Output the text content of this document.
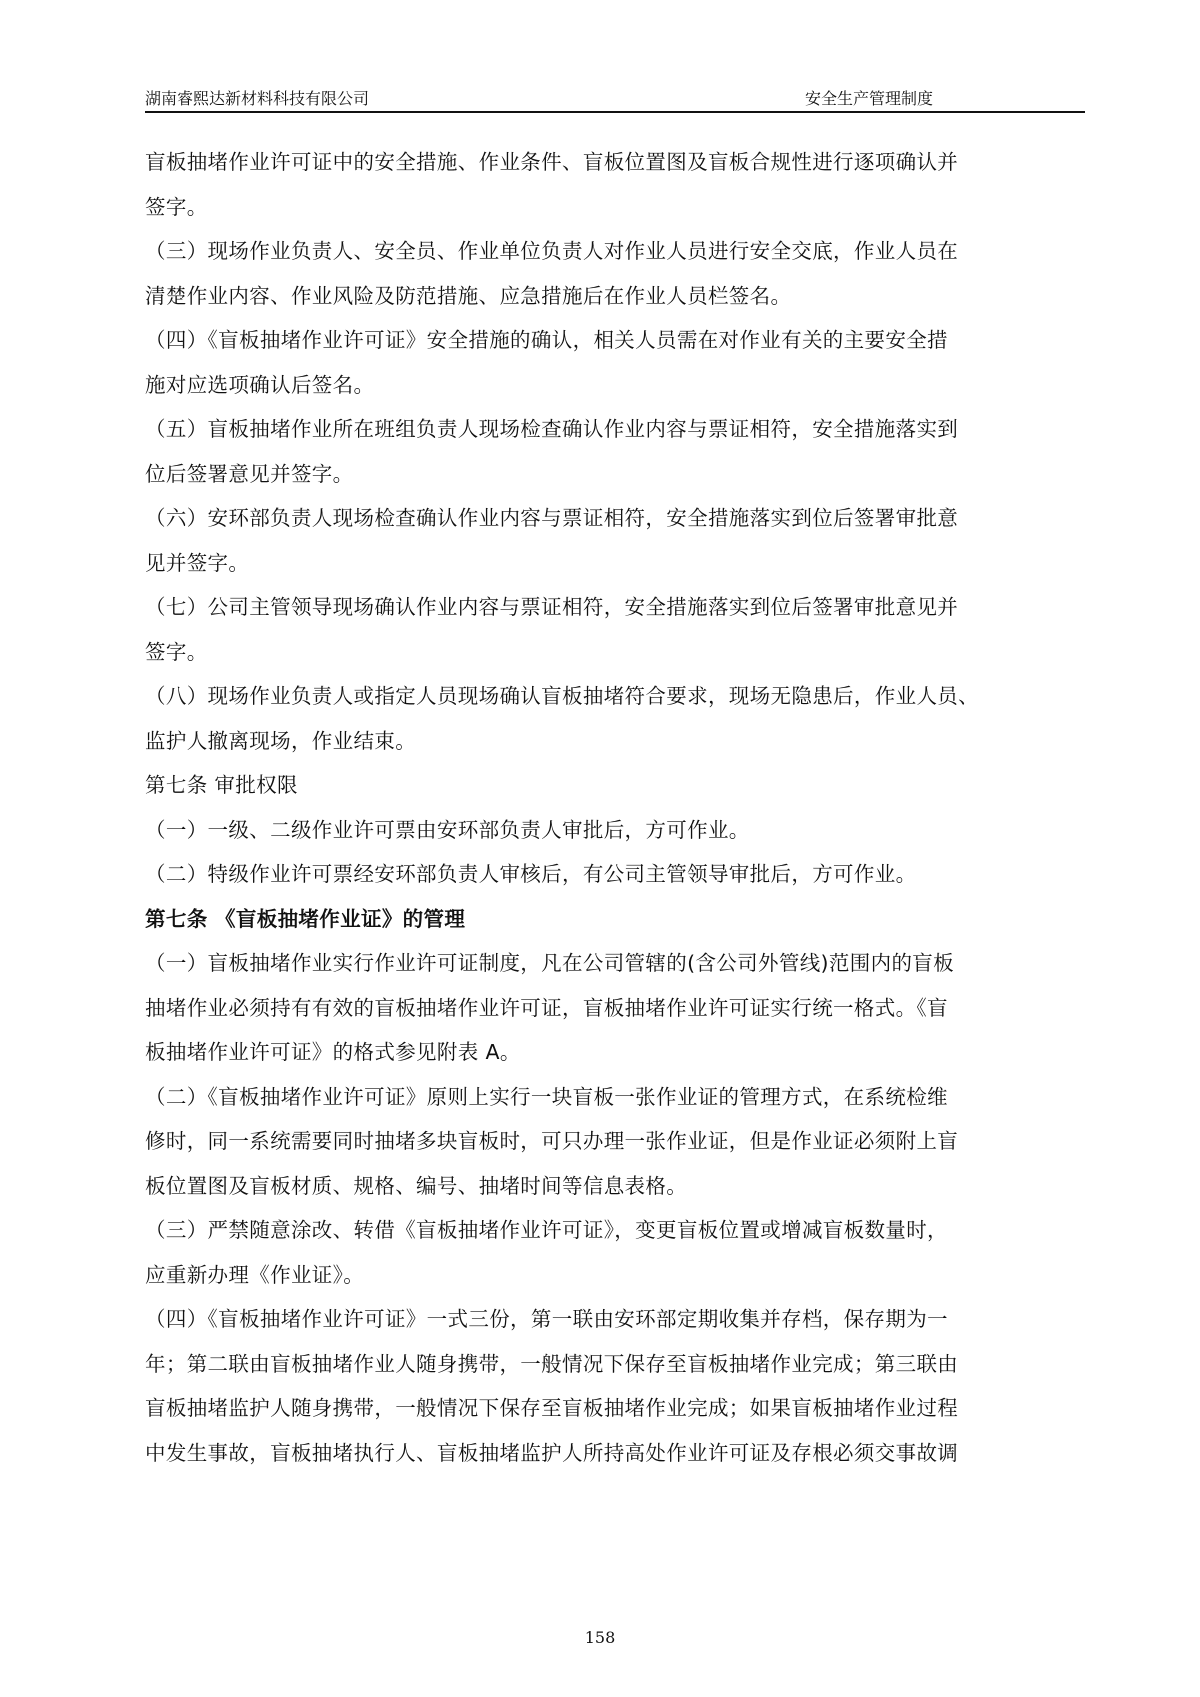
湖南睿熙达新材料科技有限公司	安全生产管理制度
盲板抽堵作业许可证中的安全措施、作业条件、盲板位置图及盲板合规性进行逐项确认并
签字。
（三）现场作业负责人、安全员、作业单位负责人对作业人员进行安全交底，作业人员在
清楚作业内容、作业风险及防范措施、应急措施后在作业人员栏签名。
（四）《盲板抽堵作业许可证》安全措施的确认，相关人员需在对作业有关的主要安全措
施对应选项确认后签名。
（五）盲板抽堵作业所在班组负责人现场检查确认作业内容与票证相符，安全措施落实到
位后签署意见并签字。
（六）安环部负责人现场检查确认作业内容与票证相符，安全措施落实到位后签署审批意
见并签字。
（七）公司主管领导现场确认作业内容与票证相符，安全措施落实到位后签署审批意见并
签字。
（八）现场作业负责人或指定人员现场确认盲板抽堵符合要求，现场无隐患后，作业人员、
监护人撤离现场，作业结束。
第七条 审批权限
（一）一级、二级作业许可票由安环部负责人审批后，方可作业。
（二）特级作业许可票经安环部负责人审核后，有公司主管领导审批后，方可作业。
第七条 《盲板抽堵作业证》的管理
（一）盲板抽堵作业实行作业许可证制度，凡在公司管辖的(含公司外管线)范围内的盲板
抽堵作业必须持有有效的盲板抽堵作业许可证，盲板抽堵作业许可证实行统一格式。《盲
板抽堵作业许可证》的格式参见附表 A。
（二）《盲板抽堵作业许可证》原则上实行一块盲板一张作业证的管理方式，在系统检维
修时，同一系统需要同时抽堵多块盲板时，可只办理一张作业证，但是作业证必须附上盲
板位置图及盲板材质、规格、编号、抽堵时间等信息表格。
（三）严禁随意涂改、转借《盲板抽堵作业许可证》，变更盲板位置或增减盲板数量时，
应重新办理《作业证》。
（四）《盲板抽堵作业许可证》一式三份，第一联由安环部定期收集并存档，保存期为一
年；第二联由盲板抽堵作业人随身携带，一般情况下保存至盲板抽堵作业完成；第三联由
盲板抽堵监护人随身携带，一般情况下保存至盲板抽堵作业完成；如果盲板抽堵作业过程
中发生事故，盲板抽堵执行人、盲板抽堵监护人所持高处作业许可证及存根必须交事故调
158
